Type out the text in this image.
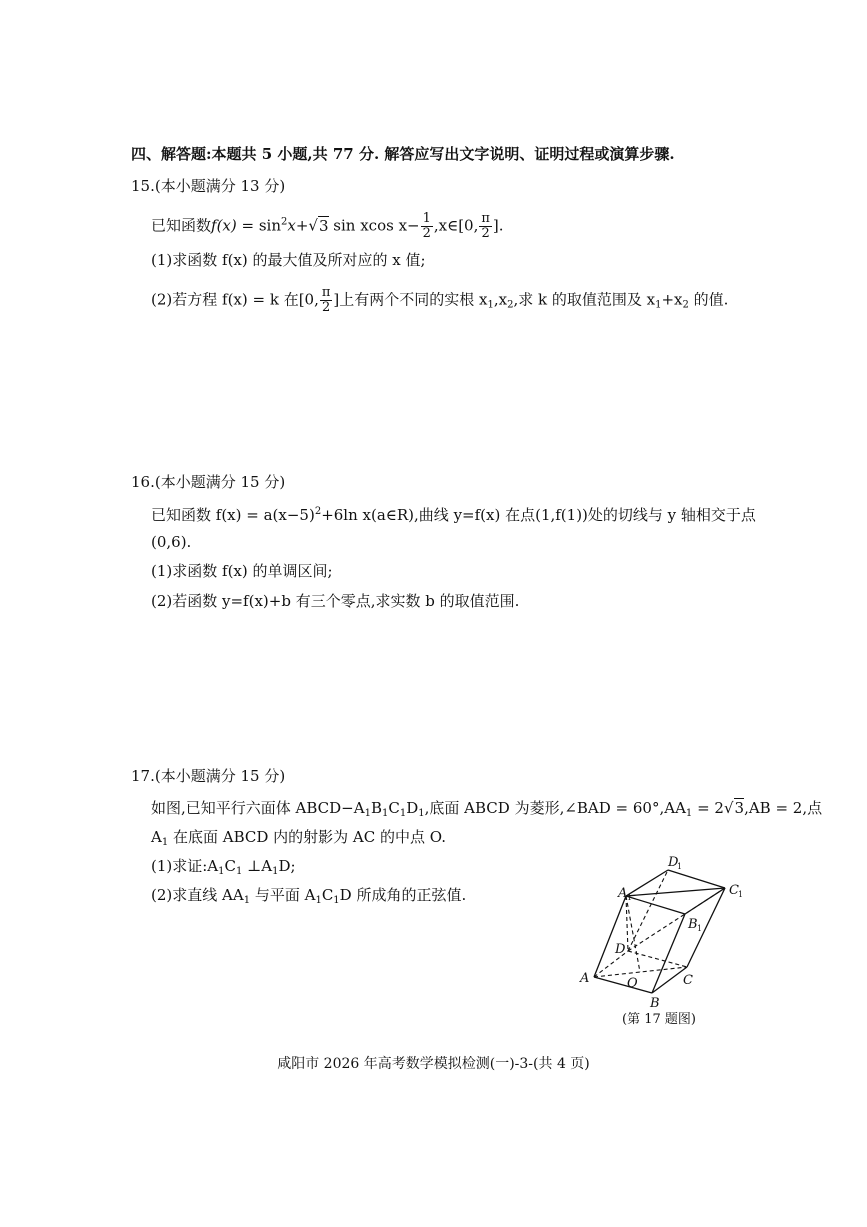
四、解答题:本题共 5 小题,共 77 分. 解答应写出文字说明、证明过程或演算步骤.
15.(本小题满分 13 分)
已知函数$f(x) = \sin^2x+√3$ sin xcos $x- \frac{1}{2}$ ,x∈[0, $\frac{\pi}{2}$ ].
(1)求函数 f(x) 的最大值及所对应的 x 值;
(2)若方程 f(x) = k 在[0, $\frac{\pi}{2}$ ]上有两个不同的实根 $x_1,x_2$,求 k 的取值范围及 $x_1+x_2$ 的值.
16.(本小题满分 15 分)
已知函数 $f(x) = a(x-5)^2+6\ln$ x(a∈R),曲线 y=f(x) 在点(1,f(1))处的切线与 y 轴相交于点
(0,6).
(1)求函数 f(x) 的单调区间;
(2)若函数 y=f(x)+b 有三个零点,求实数 b 的取值范围.
17.(本小题满分 15 分)
如图,已知平行六面体 $ABCD-A_1B_1C_1D_1$,底面 ABCD 为菱形,∠BAD = $60^\circ,AA_1 = 2√3,AB = 2$,点
$A_1$ 在底面 ABCD 内的射影为 AC 的中点 O.
(1)求证$:A_1C_1$ $\perp A_1D$;
(2)求直线 $AA_1$ 与平面 $A_1C_1D$ 所成角的正弦值.
A
B
C
D
O
A 1
B 1
C 1
D
1
(第 17 题图)
咸阳市 2026 年高考数学模拟检测(一)-3-(共 4 页)
